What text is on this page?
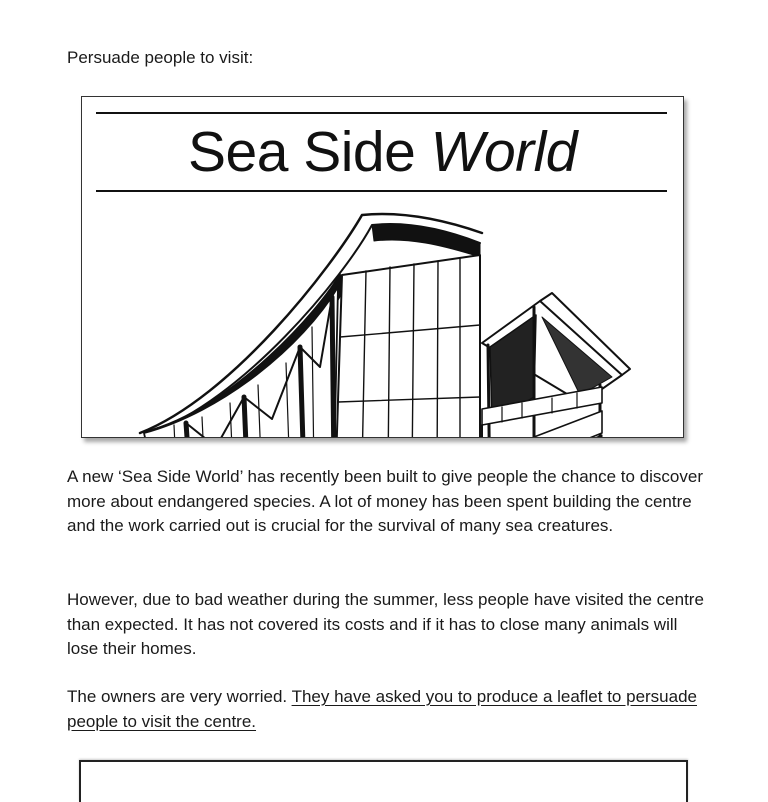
Persuade people to visit:
Sea Side World
A new ‘Sea Side World’ has recently been built to give people the chance to discover more about endangered species. A lot of money has been spent building the centre and the work carried out is crucial for the survival of many sea creatures.
However, due to bad weather during the summer, less people have visited the centre than expected. It has not covered its costs and if it has to close many animals will lose their homes.
The owners are very worried. They have asked you to produce a leaflet to persuade people to visit the centre.
